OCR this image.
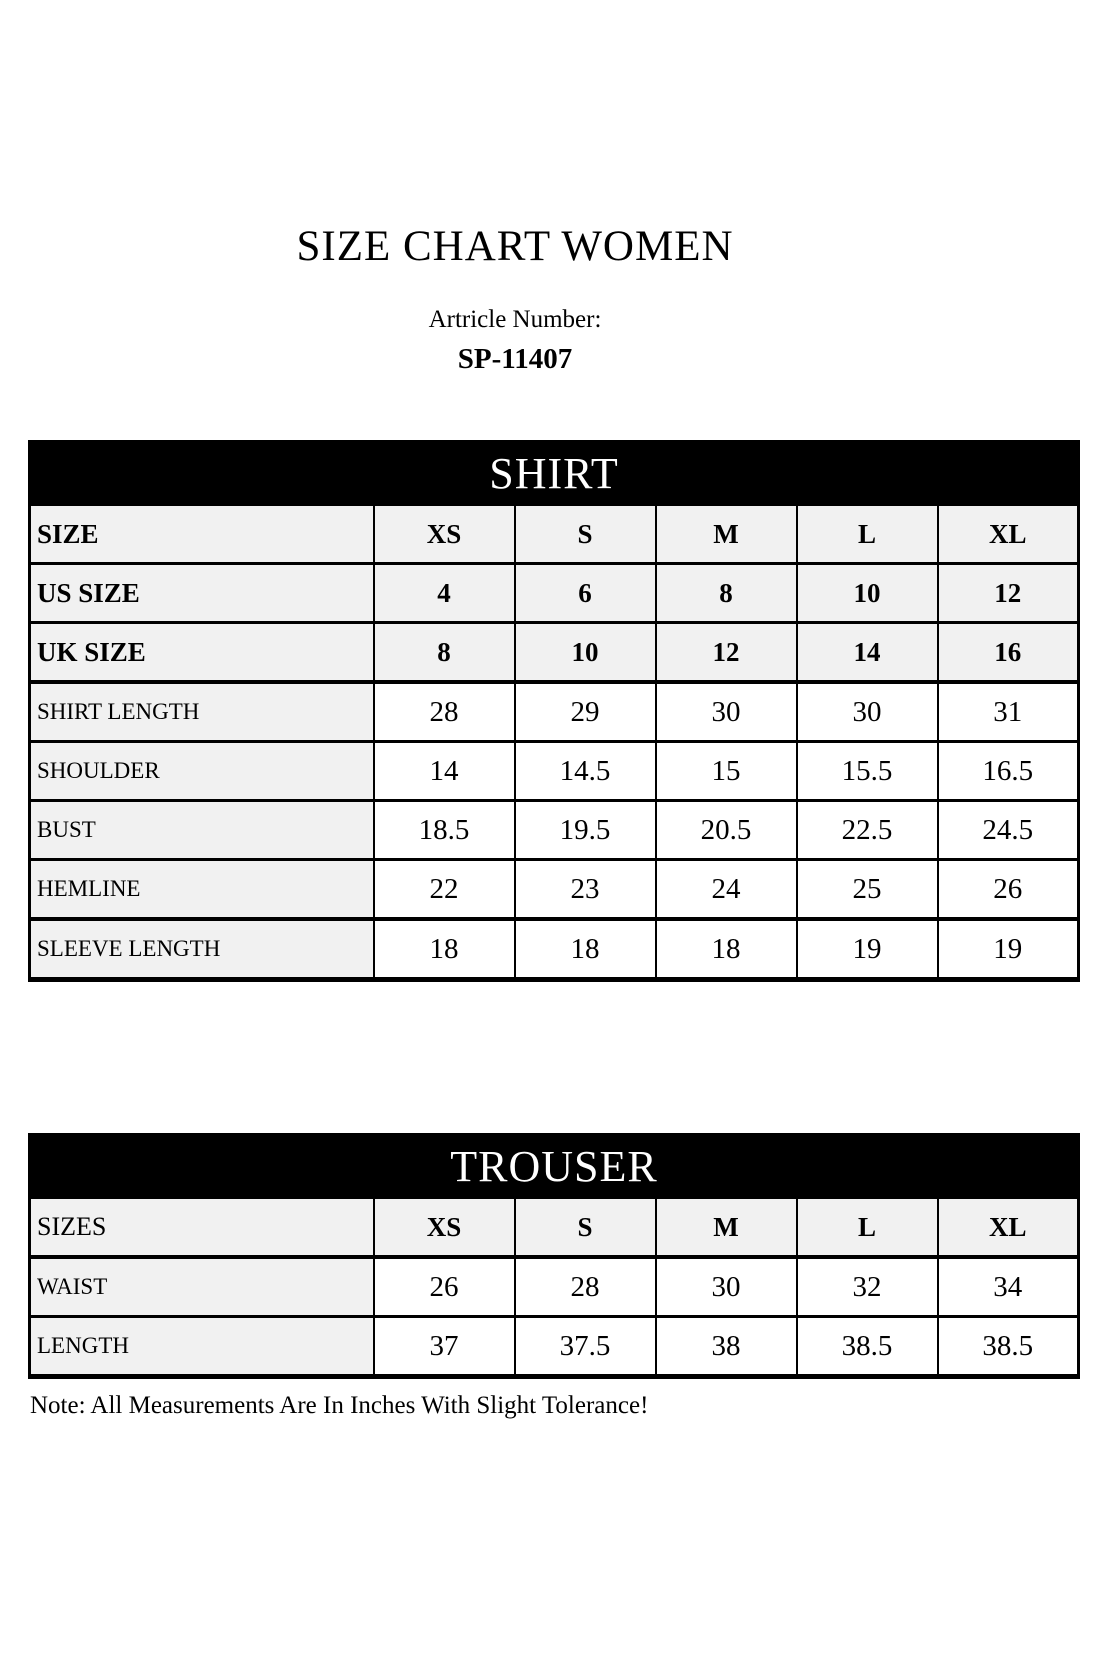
SIZE CHART WOMEN
Artricle Number:
SP-11407
SHIRT					
SIZE	XS	S	M	L	XL
US SIZE	4	6	8	10	12
UK SIZE	8	10	12	14	16
SHIRT LENGTH	28	29	30	30	31
SHOULDER	14	14.5	15	15.5	16.5
BUST	18.5	19.5	20.5	22.5	24.5
HEMLINE	22	23	24	25	26
SLEEVE LENGTH	18	18	18	19	19
TROUSER					
SIZES	XS	S	M	L	XL
WAIST	26	28	30	32	34
LENGTH	37	37.5	38	38.5	38.5
Note: All Measurements Are In Inches With Slight Tolerance!
